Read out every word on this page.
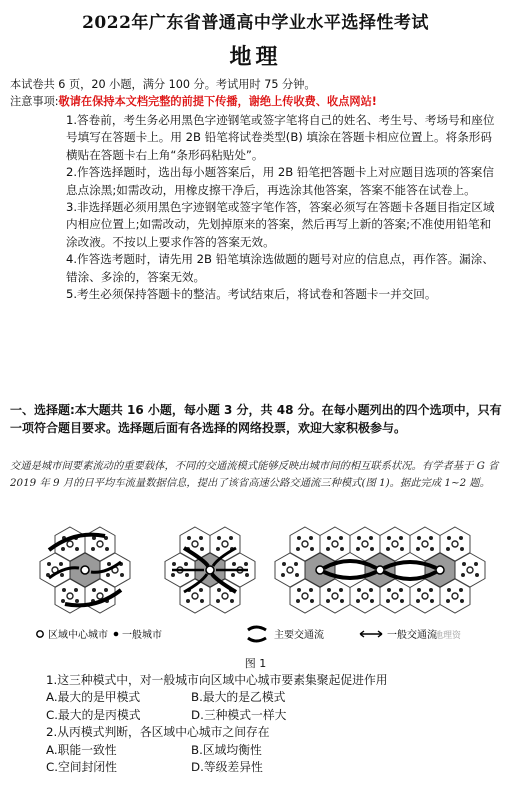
2022年广东省普通高中学业水平选择性考试
地理
本试卷共 6 页，20 小题，满分 100 分。考试用时 75 分钟。
注意事项:敬请在保持本文档完整的前提下传播，谢绝上传收费、收点网站!

1.答卷前，考生务必用黑色字迹钢笔或签字笔将自己的姓名、考生号、考场号和座位号填写在答题卡上。用 2B 铅笔将试卷类型(B) 填涂在答题卡相应位置上。将条形码横贴在答题卡右上角“条形码粘贴处”。

2.作答选择题时，选出每小题答案后，用 2B 铅笔把答题卡上对应题目选项的答案信息点涂黑;如需改动，用橡皮擦干净后，再选涂其他答案，答案不能答在试卷上。

3.非选择题必须用黑色字迹钢笔或签字笔作答，答案必须写在答题卡各题目指定区域内相应位置上;如需改动，先划掉原来的答案，然后再写上新的答案;不准使用铅笔和涂改液。不按以上要求作答的答案无效。

4.作答选考题时，请先用 2B 铅笔填涂选做题的题号对应的信息点，再作答。漏涂、错涂、多涂的，答案无效。

5.考生必须保持答题卡的整洁。考试结束后，将试卷和答题卡一并交回。

一、选择题:本大题共 16 小题，每小题 3 分，共 48 分。在每小题列出的四个选项中，只有一项符合题目要求。选择题后面有各选择的网络投票，欢迎大家积极参与。
交通是城市间要素流动的重要载体，不同的交通流模式能够反映出城市间的相互联系状况。有学者基于 G 省 2019 年 9 月的日平均车流量数据信息，提出了该省高速公路交通流三种模式(图 1)。据此完成 1~2 题。
区域中心城市 一般城市	主要交通流	一般交通流
地理资
图 1
1.这三种模式中，对一般城市向区域中心城市要素集聚起促进作用
A.最大的是甲模式	B.最大的是乙模式
C.最大的是丙模式	D.三种模式一样大
2.从丙模式判断，各区域中心城市之间存在
A.职能一致性	B.区域均衡性
C.空间封闭性	D.等级差异性
